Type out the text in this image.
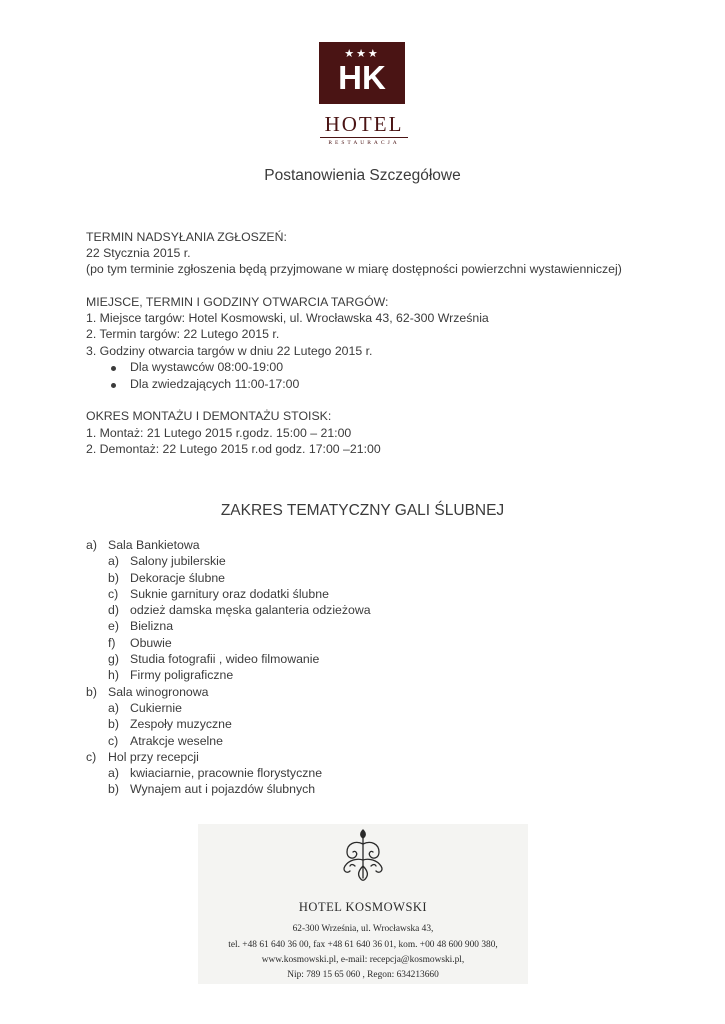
★★★
HK
HOTEL
RESTAURACJA
Postanowienia Szczegółowe
TERMIN NADSYŁANIA ZGŁOSZEŃ:
22 Stycznia 2015 r.
(po tym terminie zgłoszenia będą przyjmowane w miarę dostępności powierzchni wystawienniczej)
MIEJSCE, TERMIN I GODZINY OTWARCIA TARGÓW:
1. Miejsce targów: Hotel Kosmowski, ul. Wrocławska 43, 62-300 Września
2. Termin targów: 22 Lutego 2015 r.
3. Godziny otwarcia targów w dniu 22 Lutego 2015 r.
Dla wystawców 08:00-19:00
Dla zwiedzających 11:00-17:00
OKRES MONTAŻU I DEMONTAŻU STOISK:
1. Montaż: 21 Lutego 2015 r.godz. 15:00 – 21:00
2. Demontaż: 22 Lutego 2015 r.od godz. 17:00 –21:00
ZAKRES TEMATYCZNY GALI ŚLUBNEJ
a) Sala Bankietowa
a) Salony jubilerskie
b) Dekoracje ślubne
c) Suknie garnitury oraz dodatki ślubne
d) odzież damska męska galanteria odzieżowa
e) Bielizna
f) Obuwie
g) Studia fotografii , wideo filmowanie
h) Firmy poligraficzne
b) Sala winogronowa
a) Cukiernie
b) Zespoły muzyczne
c) Atrakcje weselne
c) Hol przy recepcji
a) kwiaciarnie, pracownie florystyczne
b) Wynajem aut i pojazdów ślubnych
HOTEL KOSMOWSKI
62-300 Września, ul. Wrocławska 43,
tel. +48 61 640 36 00, fax +48 61 640 36 01, kom. +00 48 600 900 380,
www.kosmowski.pl, e-mail: recepcja@kosmowski.pl,
Nip: 789 15 65 060 , Regon: 634213660
